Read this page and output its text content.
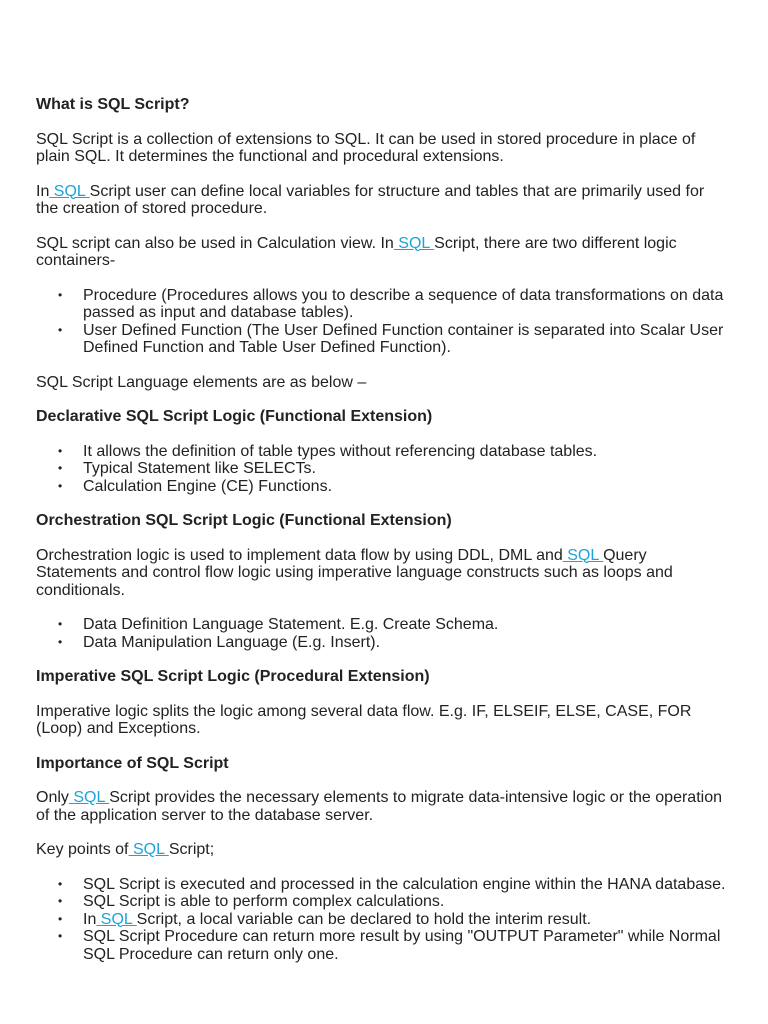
What is SQL Script?

SQL Script is a collection of extensions to SQL. It can be used in stored procedure in place of plain SQL. It determines the functional and procedural extensions.

In SQL Script user can define local variables for structure and tables that are primarily used for the creation of stored procedure.

SQL script can also be used in Calculation view. In SQL Script, there are two different logic containers-

• Procedure (Procedures allows you to describe a sequence of data transformations on data passed as input and database tables).
• User Defined Function (The User Defined Function container is separated into Scalar User Defined Function and Table User Defined Function).

SQL Script Language elements are as below –

Declarative SQL Script Logic (Functional Extension)
• It allows the definition of table types without referencing database tables.
• Typical Statement like SELECTs.
• Calculation Engine (CE) Functions.
Orchestration SQL Script Logic (Functional Extension)

Orchestration logic is used to implement data flow by using DDL, DML and SQL Query Statements and control flow logic using imperative language constructs such as loops and conditionals.

• Data Definition Language Statement. E.g. Create Schema.
• Data Manipulation Language (E.g. Insert).
Imperative SQL Script Logic (Procedural Extension)

Imperative logic splits the logic among several data flow. E.g. IF, ELSEIF, ELSE, CASE, FOR (Loop) and Exceptions.

Importance of SQL Script

Only SQL Script provides the necessary elements to migrate data-intensive logic or the operation of the application server to the database server.

Key points of SQL Script;

• SQL Script is executed and processed in the calculation engine within the HANA database.
• SQL Script is able to perform complex calculations.
• In SQL Script, a local variable can be declared to hold the interim result.
• SQL Script Procedure can return more result by using "OUTPUT Parameter" while Normal SQL Procedure can return only one.
